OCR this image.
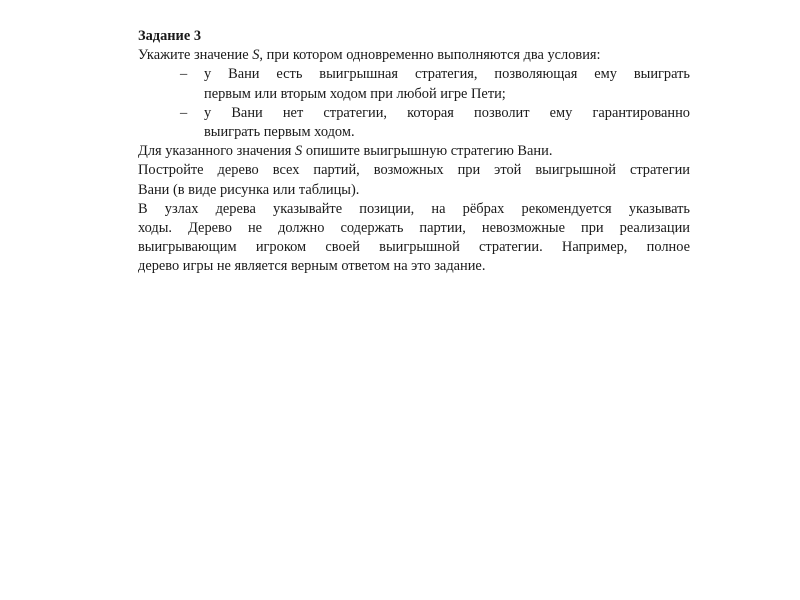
Задание 3
Укажите значение S, при котором одновременно выполняются два условия:
– у Вани есть выигрышная стратегия, позволяющая ему выиграть
первым или вторым ходом при любой игре Пети;
– у Вани нет стратегии, которая позволит ему гарантированно
выиграть первым ходом.
Для указанного значения S опишите выигрышную стратегию Вани.
Постройте дерево всех партий, возможных при этой выигрышной стратегии
Вани (в виде рисунка или таблицы).
В узлах дерева указывайте позиции, на рёбрах рекомендуется указывать
ходы. Дерево не должно содержать партии, невозможные при реализации
выигрывающим игроком своей выигрышной стратегии. Например, полное
дерево игры не является верным ответом на это задание.
